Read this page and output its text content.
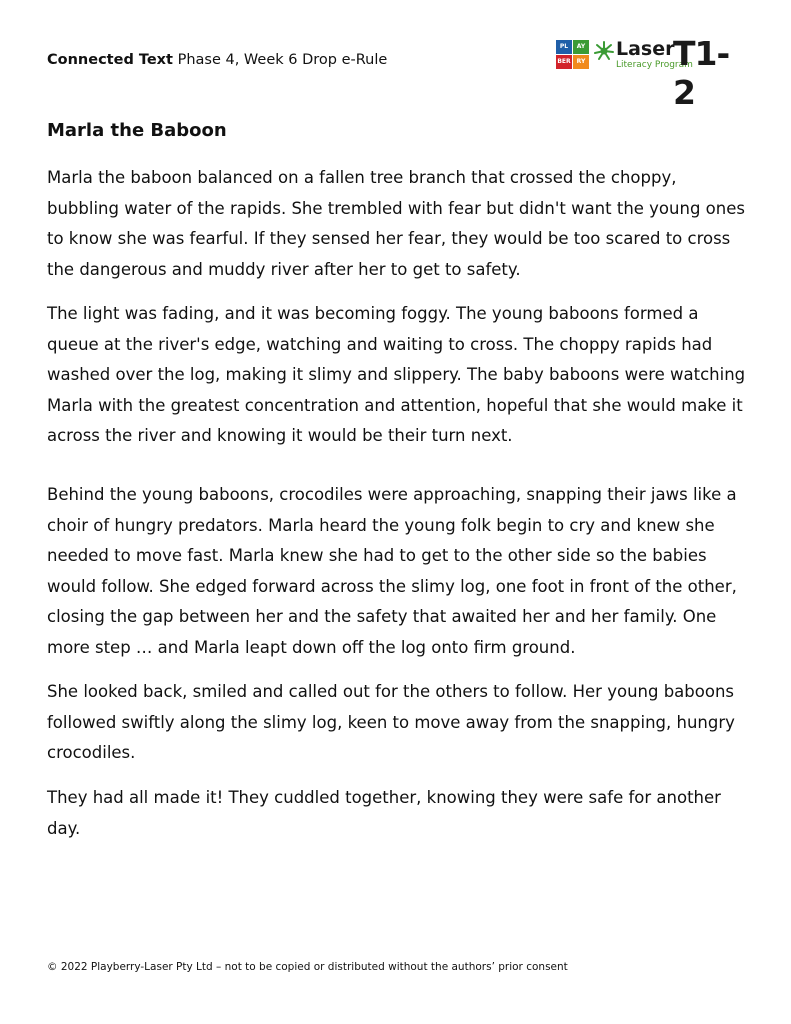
Connected Text Phase 4, Week 6 Drop e-Rule
PL	AY
BER	RY
Laser
Literacy Program
T1-2
Marla the Baboon

Marla the baboon balanced on a fallen tree branch that crossed the choppy, bubbling water of the rapids. She trembled with fear but didn't want the young ones to know she was fearful. If they sensed her fear, they would be too scared to cross the dangerous and muddy river after her to get to safety.

The light was fading, and it was becoming foggy. The young baboons formed a queue at the river's edge, watching and waiting to cross. The choppy rapids had washed over the log, making it slimy and slippery. The baby baboons were watching Marla with the greatest concentration and attention, hopeful that she would make it across the river and knowing it would be their turn next.

Behind the young baboons, crocodiles were approaching, snapping their jaws like a choir of hungry predators. Marla heard the young folk begin to cry and knew she needed to move fast. Marla knew she had to get to the other side so the babies would follow. She edged forward across the slimy log, one foot in front of the other, closing the gap between her and the safety that awaited her and her family. One more step … and Marla leapt down off the log onto firm ground.

She looked back, smiled and called out for the others to follow. Her young baboons followed swiftly along the slimy log, keen to move away from the snapping, hungry crocodiles.

They had all made it! They cuddled together, knowing they were safe for another day.

© 2022 Playberry-Laser Pty Ltd – not to be copied or distributed without the authors’ prior consent
